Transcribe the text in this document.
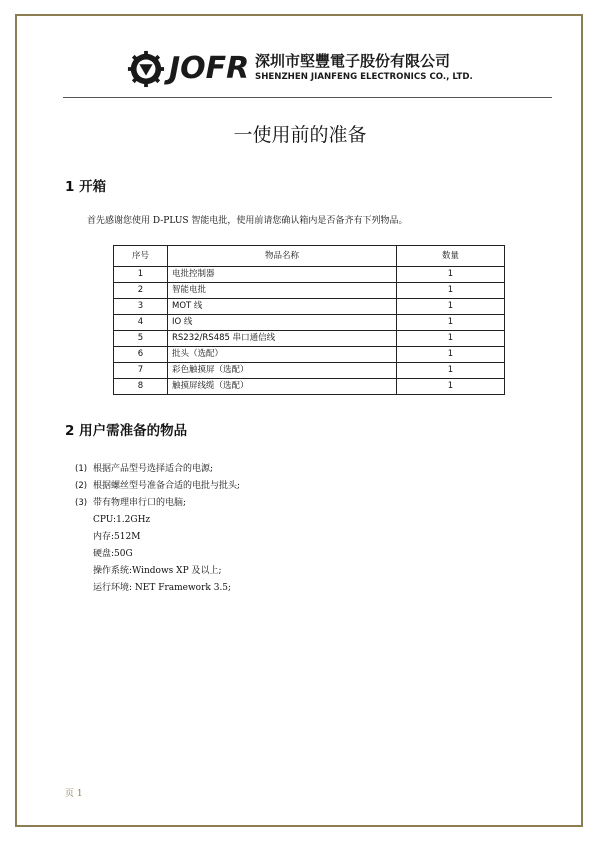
JOFR 深圳市堅豐電子股份有限公司
SHENZHEN JIANFENG ELECTRONICS CO., LTD.
一使用前的准备
1 开箱
首先感谢您使用 D-PLUS 智能电批，使用前请您确认箱内是否备齐有下列物品。
序号	物品名称	数量
1	电批控制器	1
2	智能电批	1
3	MOT 线	1
4	IO 线	1
5	RS232/RS485 串口通信线	1
6	批头（选配）	1
7	彩色触摸屏（选配）	1
8	触摸屏线缆（选配）	1
2 用户需准备的物品
(1) 根据产品型号选择适合的电源;
(2) 根据螺丝型号准备合适的电批与批头;
(3) 带有物理串行口的电脑;
CPU:1.2GHz
内存:512M
硬盘:50G
操作系统:Windows XP 及以上;
运行环境: NET Framework 3.5;
页 1
